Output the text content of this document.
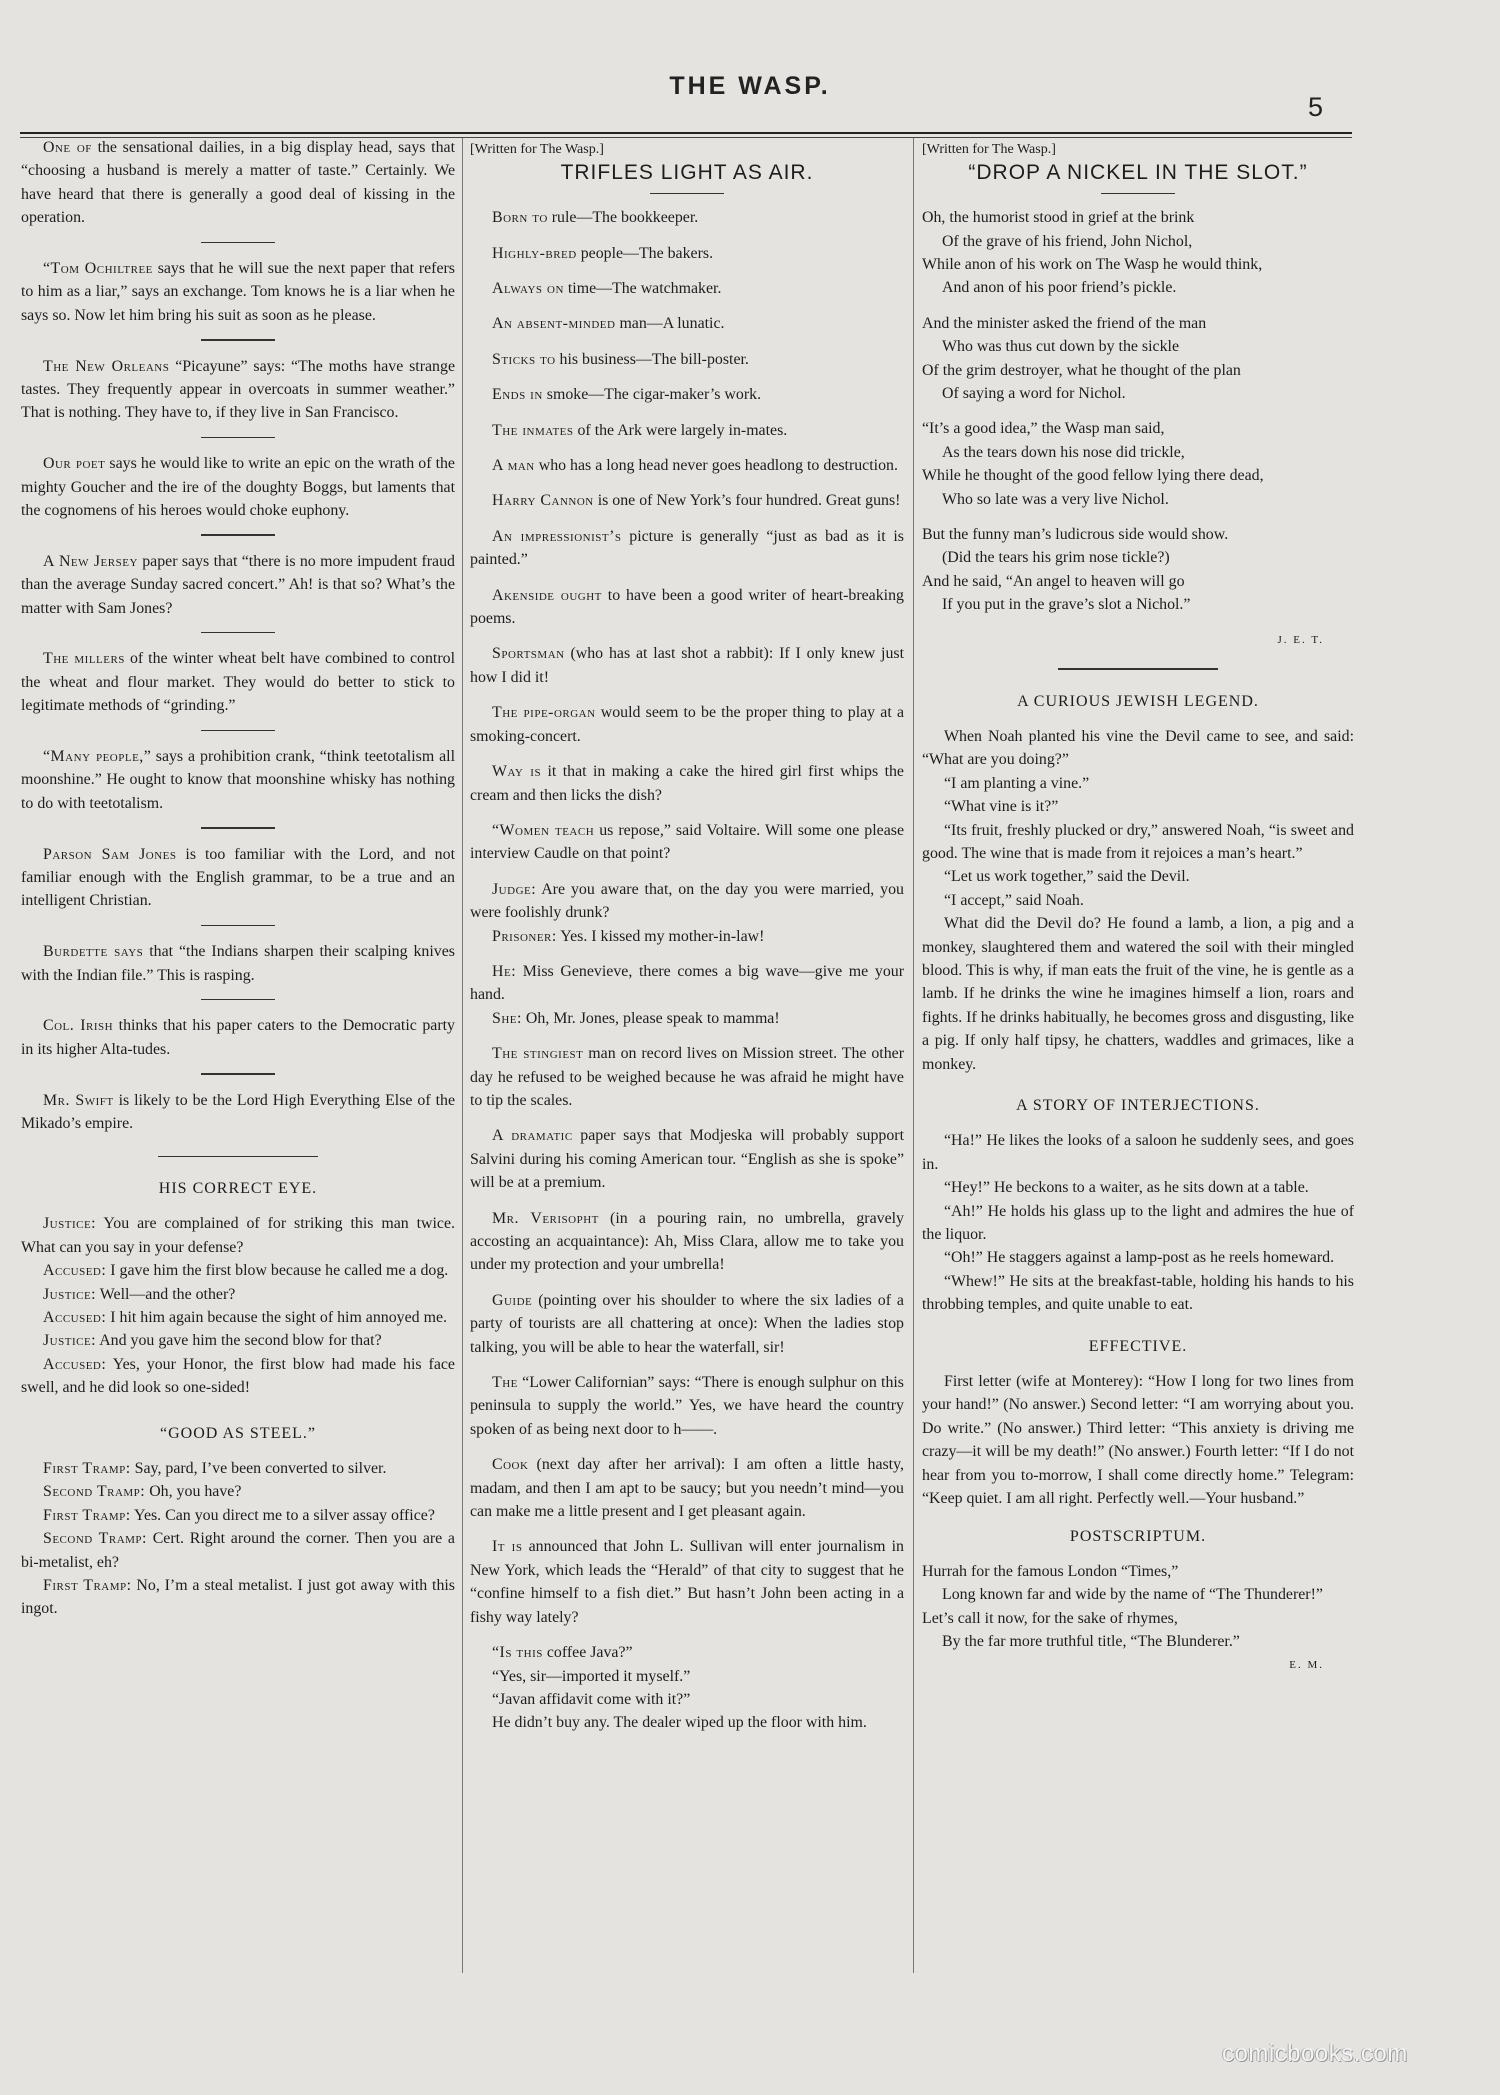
THE WASP.
5

One of the sensational dailies, in a big display head, says that “choosing a husband is merely a matter of taste.” Certainly. We have heard that there is generally a good deal of kissing in the operation.

“Tom Ochiltree says that he will sue the next paper that refers to him as a liar,” says an exchange. Tom knows he is a liar when he says so. Now let him bring his suit as soon as he please.

The New Orleans “Picayune” says: “The moths have strange tastes. They frequently appear in overcoats in summer weather.” That is nothing. They have to, if they live in San Francisco.

Our poet says he would like to write an epic on the wrath of the mighty Goucher and the ire of the doughty Boggs, but laments that the cognomens of his heroes would choke euphony.

A New Jersey paper says that “there is no more impudent fraud than the average Sunday sacred concert.” Ah! is that so? What’s the matter with Sam Jones?

The millers of the winter wheat belt have combined to control the wheat and flour market. They would do better to stick to legitimate methods of “grinding.”

“Many people,” says a prohibition crank, “think teetotalism all moonshine.” He ought to know that moonshine whisky has nothing to do with teetotalism.

Parson Sam Jones is too familiar with the Lord, and not familiar enough with the English grammar, to be a true and an intelligent Christian.

Burdette says that “the Indians sharpen their scalping knives with the Indian file.” This is rasping.

Col. Irish thinks that his paper caters to the Democratic party in its higher Alta-tudes.

Mr. Swift is likely to be the Lord High Everything Else of the Mikado’s empire.

HIS CORRECT EYE.

Justice: You are complained of for striking this man twice. What can you say in your defense?

Accused: I gave him the first blow because he called me a dog.

Justice: Well—and the other?

Accused: I hit him again because the sight of him annoyed me.

Justice: And you gave him the second blow for that?

Accused: Yes, your Honor, the first blow had made his face swell, and he did look so one-sided!

“GOOD AS STEEL.”

First Tramp: Say, pard, I’ve been converted to silver.

Second Tramp: Oh, you have?

First Tramp: Yes. Can you direct me to a silver assay office?

Second Tramp: Cert. Right around the corner. Then you are a bi-metalist, eh?

First Tramp: No, I’m a steal metalist. I just got away with this ingot.

[Written for The Wasp.]
TRIFLES LIGHT AS AIR.

Born to rule—The bookkeeper.

Highly-bred people—The bakers.

Always on time—The watchmaker.

An absent-minded man—A lunatic.

Sticks to his business—The bill-poster.

Ends in smoke—The cigar-maker’s work.

The inmates of the Ark were largely in-mates.

A man who has a long head never goes headlong to destruction.

Harry Cannon is one of New York’s four hundred. Great guns!

An impressionist’s picture is generally “just as bad as it is painted.”

Akenside ought to have been a good writer of heart-breaking poems.

Sportsman (who has at last shot a rabbit): If I only knew just how I did it!

The pipe-organ would seem to be the proper thing to play at a smoking-concert.

Way is it that in making a cake the hired girl first whips the cream and then licks the dish?

“Women teach us repose,” said Voltaire. Will some one please interview Caudle on that point?

Judge: Are you aware that, on the day you were married, you were foolishly drunk?

Prisoner: Yes. I kissed my mother-in-law!

He: Miss Genevieve, there comes a big wave—give me your hand.

She: Oh, Mr. Jones, please speak to mamma!

The stingiest man on record lives on Mission street. The other day he refused to be weighed because he was afraid he might have to tip the scales.

A dramatic paper says that Modjeska will probably support Salvini during his coming American tour. “English as she is spoke” will be at a premium.

Mr. Verisopht (in a pouring rain, no umbrella, gravely accosting an acquaintance): Ah, Miss Clara, allow me to take you under my protection and your umbrella!

Guide (pointing over his shoulder to where the six ladies of a party of tourists are all chattering at once): When the ladies stop talking, you will be able to hear the waterfall, sir!

The “Lower Californian” says: “There is enough sulphur on this peninsula to supply the world.” Yes, we have heard the country spoken of as being next door to h——.

Cook (next day after her arrival): I am often a little hasty, madam, and then I am apt to be saucy; but you needn’t mind—you can make me a little present and I get pleasant again.

It is announced that John L. Sullivan will enter journalism in New York, which leads the “Herald” of that city to suggest that he “confine himself to a fish diet.” But hasn’t John been acting in a fishy way lately?

“Is this coffee Java?”

“Yes, sir—imported it myself.”

“Javan affidavit come with it?”

He didn’t buy any. The dealer wiped up the floor with him.

[Written for The Wasp.]
“DROP A NICKEL IN THE SLOT.”
Oh, the humorist stood in grief at the brink
Of the grave of his friend, John Nichol,
While anon of his work on The Wasp he would think,
And anon of his poor friend’s pickle.
And the minister asked the friend of the man
Who was thus cut down by the sickle
Of the grim destroyer, what he thought of the plan
Of saying a word for Nichol.
“It’s a good idea,” the Wasp man said,
As the tears down his nose did trickle,
While he thought of the good fellow lying there dead,
Who so late was a very live Nichol.
But the funny man’s ludicrous side would show.
(Did the tears his grim nose tickle?)
And he said, “An angel to heaven will go
If you put in the grave’s slot a Nichol.”
J. E. T.
A CURIOUS JEWISH LEGEND.

When Noah planted his vine the Devil came to see, and said: “What are you doing?”

“I am planting a vine.”

“What vine is it?”

“Its fruit, freshly plucked or dry,” answered Noah, “is sweet and good. The wine that is made from it rejoices a man’s heart.”

“Let us work together,” said the Devil.

“I accept,” said Noah.

What did the Devil do? He found a lamb, a lion, a pig and a monkey, slaughtered them and watered the soil with their mingled blood. This is why, if man eats the fruit of the vine, he is gentle as a lamb. If he drinks the wine he imagines himself a lion, roars and fights. If he drinks habitually, he becomes gross and disgusting, like a pig. If only half tipsy, he chatters, waddles and grimaces, like a monkey.

A STORY OF INTERJECTIONS.

“Ha!” He likes the looks of a saloon he suddenly sees, and goes in.

“Hey!” He beckons to a waiter, as he sits down at a table.

“Ah!” He holds his glass up to the light and admires the hue of the liquor.

“Oh!” He staggers against a lamp-post as he reels homeward.

“Whew!” He sits at the breakfast-table, holding his hands to his throbbing temples, and quite unable to eat.

EFFECTIVE.

First letter (wife at Monterey): “How I long for two lines from your hand!” (No answer.) Second letter: “I am worrying about you. Do write.” (No answer.) Third letter: “This anxiety is driving me crazy—it will be my death!” (No answer.) Fourth letter: “If I do not hear from you to-morrow, I shall come directly home.” Telegram: “Keep quiet. I am all right. Perfectly well.—Your husband.”

POSTSCRIPTUM.
Hurrah for the famous London “Times,”
Long known far and wide by the name of “The Thunderer!”
Let’s call it now, for the sake of rhymes,
By the far more truthful title, “The Blunderer.”
E. M.
comicbooks.com
